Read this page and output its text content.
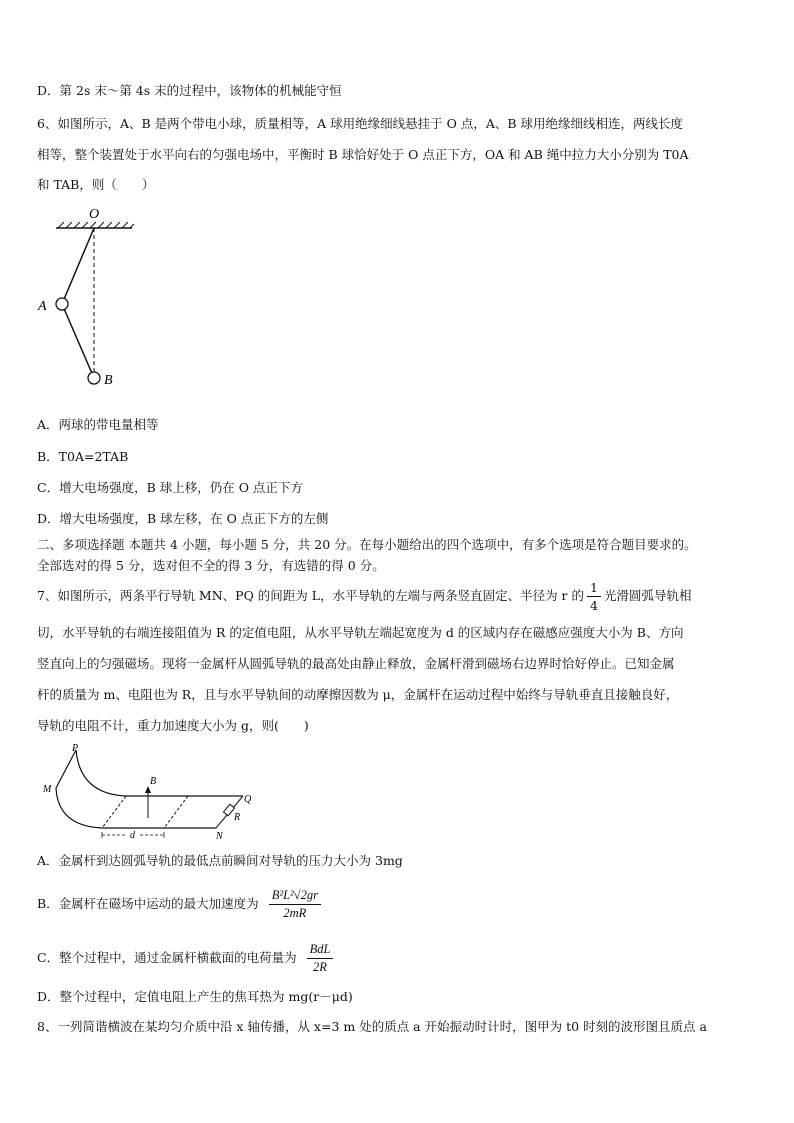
D．第 2s 末～第 4s 末的过程中，该物体的机械能守恒
6、如图所示，A、B 是两个带电小球，质量相等，A 球用绝缘细线悬挂于 O 点，A、B 球用绝缘细线相连，两线长度
相等，整个装置处于水平向右的匀强电场中，平衡时 B 球恰好处于 O 点正下方，OA 和 AB 绳中拉力大小分别为 T0A
和 TAB，则（　　）
O
A
B
A．两球的带电量相等
B．T0A=2TAB
C．增大电场强度，B 球上移，仍在 O 点正下方
D．增大电场强度，B 球左移，在 O 点正下方的左侧
二、多项选择题 本题共 4 小题，每小题 5 分，共 20 分。在每小题给出的四个选项中，有多个选项是符合题目要求的。
全部选对的得 5 分，选对但不全的得 3 分，有选错的得 0 分。
7、如图所示，两条平行导轨 MN、PQ 的间距为 L，水平导轨的左端与两条竖直固定、半径为 r 的 $\frac{1}{4}$ 光滑圆弧导轨相
切，水平导轨的右端连接阻值为 R 的定值电阻，从水平导轨左端起宽度为 d 的区域内存在磁感应强度大小为 B、方向
竖直向上的匀强磁场。现将一金属杆从圆弧导轨的最高处由静止释放，金属杆滑到磁场右边界时恰好停止。已知金属
杆的质量为 m、电阻也为 R，且与水平导轨间的动摩擦因数为 μ，金属杆在运动过程中始终与导轨垂直且接触良好，
导轨的电阻不计，重力加速度大小为 g，则(　　)
P
M
B
Q
R
d	N
A．金属杆到达圆弧导轨的最低点前瞬间对导轨的压力大小为 3mg
B．金属杆在磁场中运动的最大加速度为 $\frac{\text{B²L²√2gr}}{2mR}$
C．整个过程中，通过金属杆横截面的电荷量为 $\frac{\text{BdL}}{2R}$
D．整个过程中，定值电阻上产生的焦耳热为 mg(r－μd)
8、一列简谐横波在某均匀介质中沿 x 轴传播，从 x=3 m 处的质点 a 开始振动时计时，图甲为 t0 时刻的波形图且质点 a
